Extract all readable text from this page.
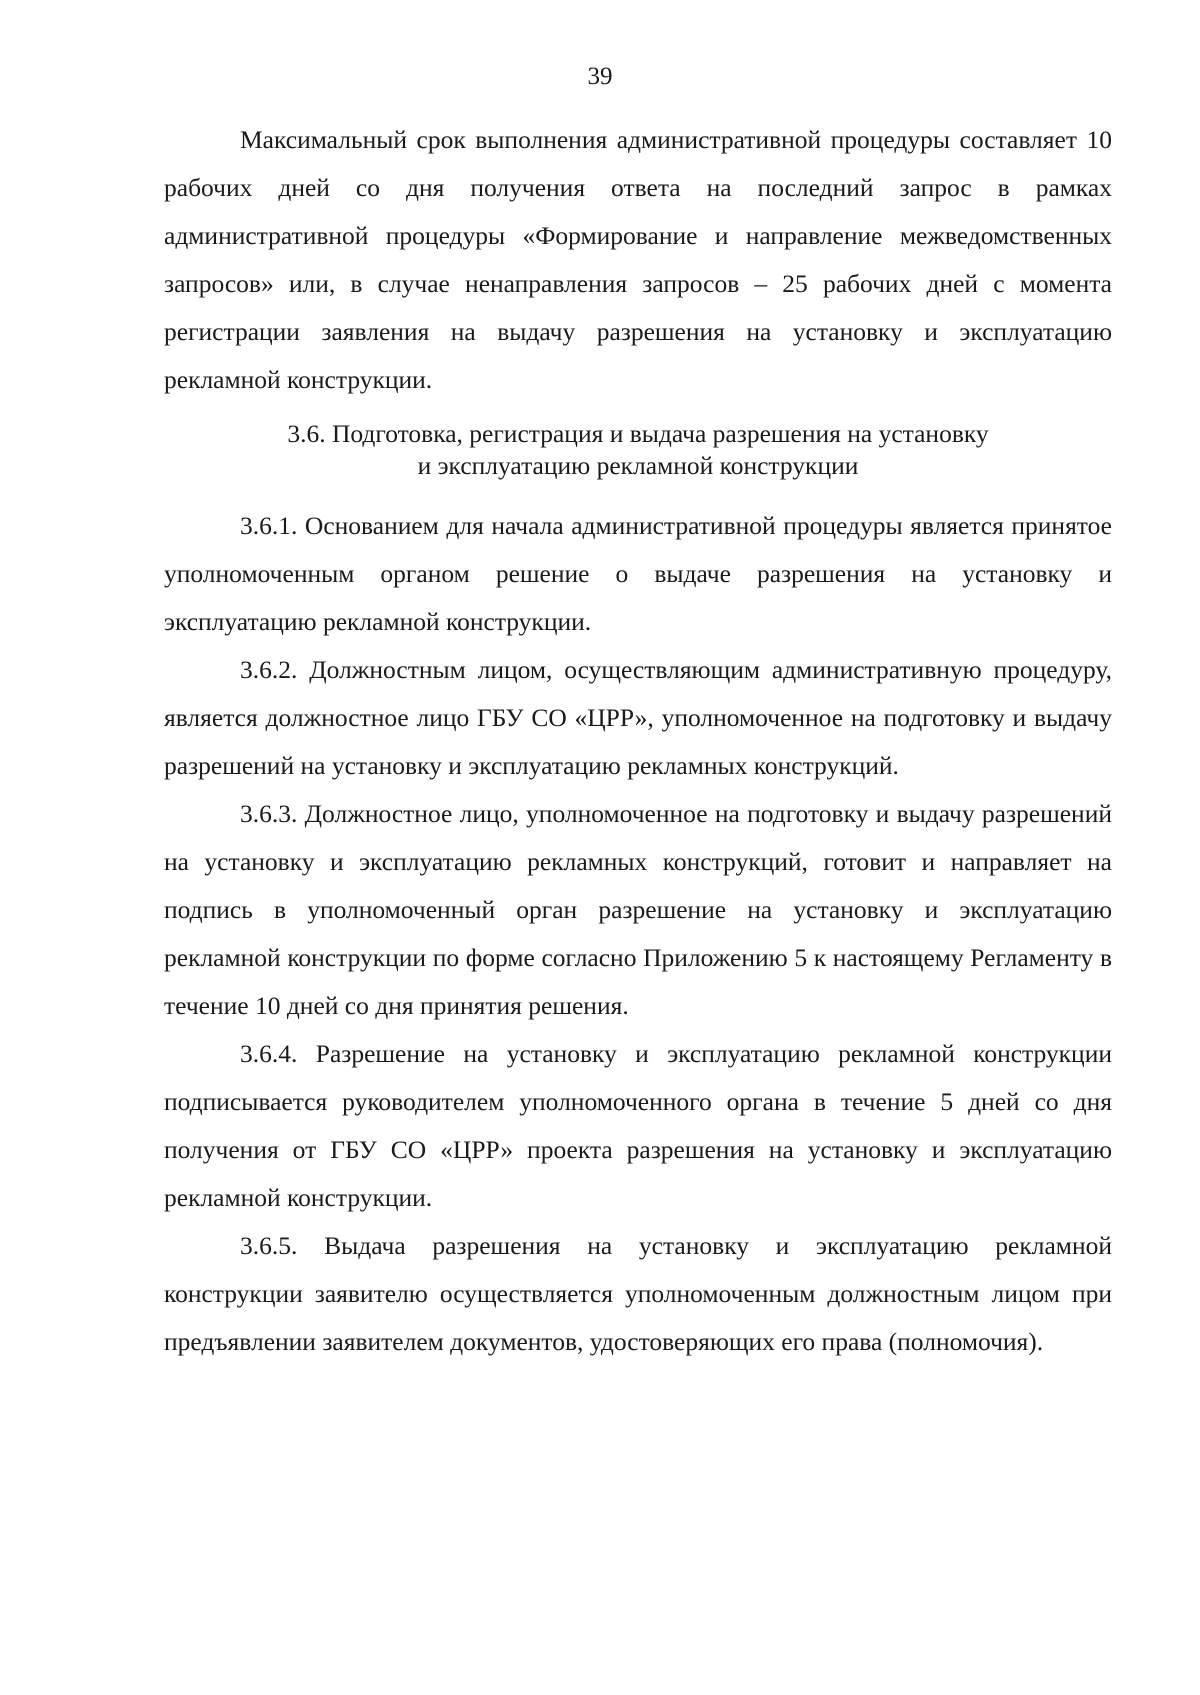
39

Максимальный срок выполнения административной процедуры составляет 10 рабочих дней со дня получения ответа на последний запрос в рамках административной процедуры «Формирование и направление межведомственных запросов» или, в случае ненаправления запросов – 25 рабочих дней с момента регистрации заявления на выдачу разрешения на установку и эксплуатацию рекламной конструкции.

3.6. Подготовка, регистрация и выдача разрешения на установку
и эксплуатацию рекламной конструкции

3.6.1. Основанием для начала административной процедуры является принятое уполномоченным органом решение о выдаче разрешения на установку и эксплуатацию рекламной конструкции.

3.6.2. Должностным лицом, осуществляющим административную процедуру, является должностное лицо ГБУ СО «ЦРР», уполномоченное на подготовку и выдачу разрешений на установку и эксплуатацию рекламных конструкций.

3.6.3. Должностное лицо, уполномоченное на подготовку и выдачу разрешений на установку и эксплуатацию рекламных конструкций, готовит и направляет на подпись в уполномоченный орган разрешение на установку и эксплуатацию рекламной конструкции по форме согласно Приложению 5 к настоящему Регламенту в течение 10 дней со дня принятия решения.

3.6.4. Разрешение на установку и эксплуатацию рекламной конструкции подписывается руководителем уполномоченного органа в течение 5 дней со дня получения от ГБУ СО «ЦРР» проекта разрешения на установку и эксплуатацию рекламной конструкции.

3.6.5. Выдача разрешения на установку и эксплуатацию рекламной конструкции заявителю осуществляется уполномоченным должностным лицом при предъявлении заявителем документов, удостоверяющих его права (полномочия).
